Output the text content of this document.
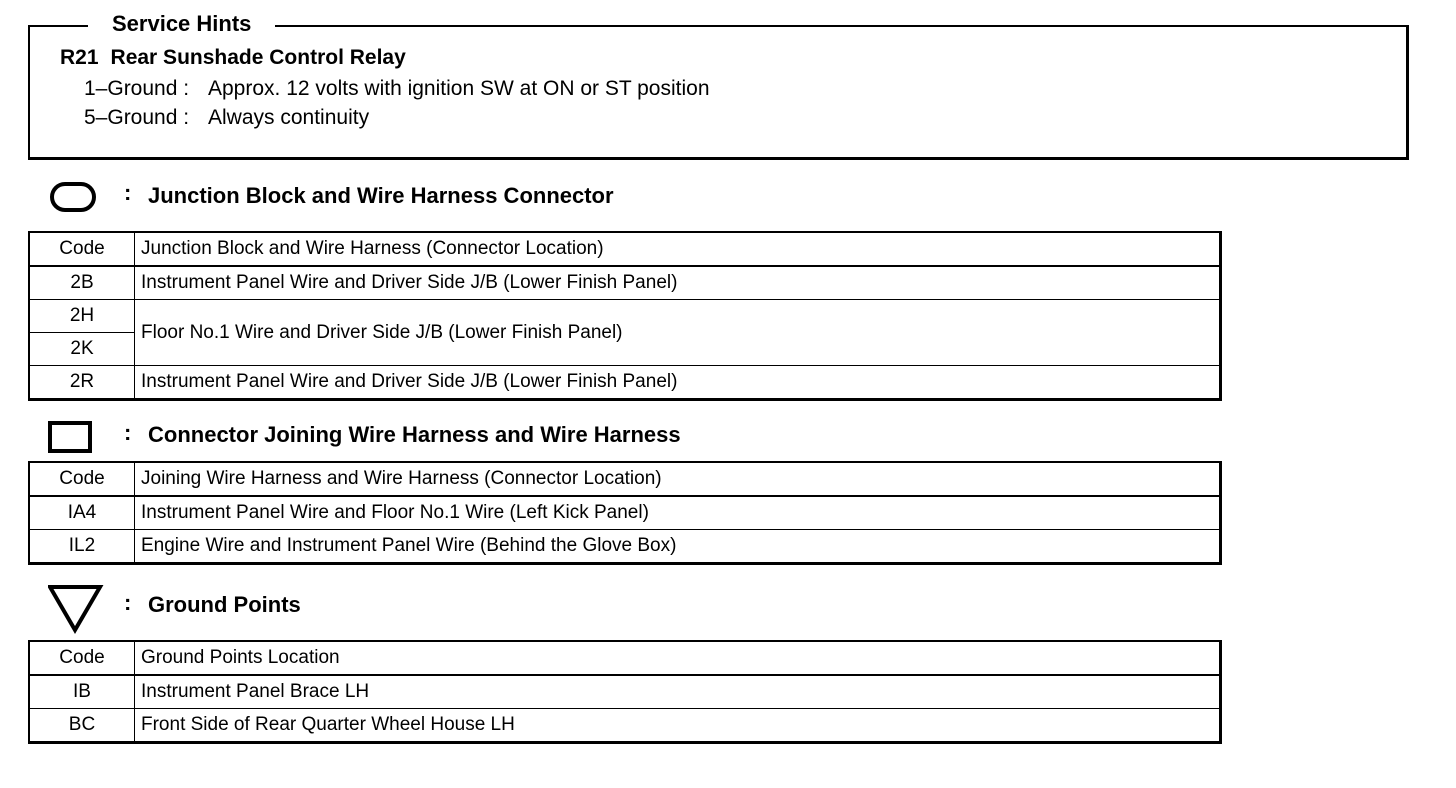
Service Hints
R21 Rear Sunshade Control Relay
1–Ground : Approx. 12 volts with ignition SW at ON or ST position
5–Ground : Always continuity
: Junction Block and Wire Harness Connector
Code	Junction Block and Wire Harness (Connector Location)
2B	Instrument Panel Wire and Driver Side J/B (Lower Finish Panel)
2H	Floor No.1 Wire and Driver Side J/B (Lower Finish Panel)
2K	
2R	Instrument Panel Wire and Driver Side J/B (Lower Finish Panel)
: Connector Joining Wire Harness and Wire Harness
Code	Joining Wire Harness and Wire Harness (Connector Location)
IA4	Instrument Panel Wire and Floor No.1 Wire (Left Kick Panel)
IL2	Engine Wire and Instrument Panel Wire (Behind the Glove Box)
: Ground Points
Code	Ground Points Location
IB	Instrument Panel Brace LH
BC	Front Side of Rear Quarter Wheel House LH
